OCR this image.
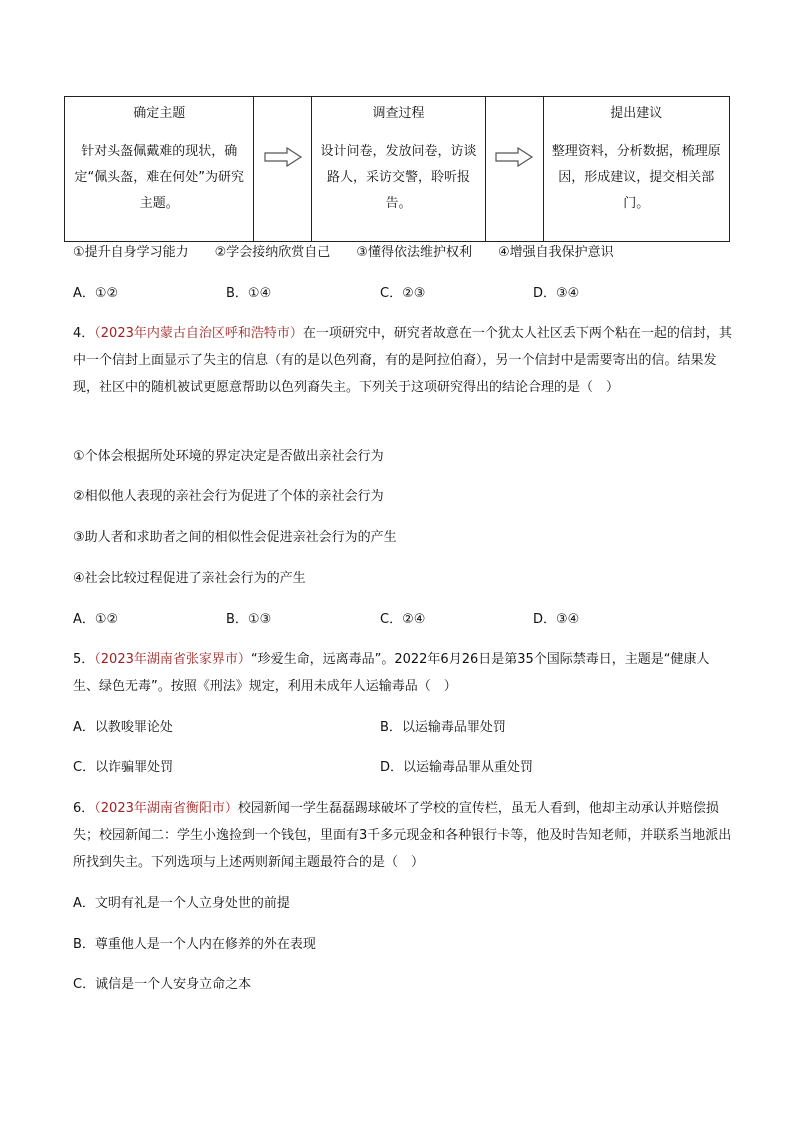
确定主题
针对头盔佩戴难的现状，确定“佩头盔，难在何处”为研究主题。
调查过程
设计问卷，发放问卷，访谈路人，采访交警，聆听报告。
提出建议
整理资料，分析数据，梳理原因，形成建议，提交相关部门。
①提升自身学习能力　　②学会接纳欣赏自己　　③懂得依法维护权利　　④增强自我保护意识
A．①②	B．①④	C．②③	D．③④
4．（2023年内蒙古自治区呼和浩特市）在一项研究中，研究者故意在一个犹太人社区丢下两个粘在一起的信封，其中一个信封上面显示了失主的信息（有的是以色列裔，有的是阿拉伯裔），另一个信封中是需要寄出的信。结果发现，社区中的随机被试更愿意帮助以色列裔失主。下列关于这项研究得出的结论合理的是（　）
①个体会根据所处环境的界定决定是否做出亲社会行为
②相似他人表现的亲社会行为促进了个体的亲社会行为
③助人者和求助者之间的相似性会促进亲社会行为的产生
④社会比较过程促进了亲社会行为的产生
A．①②	B．①③	C．②④	D．③④
5．（2023年湖南省张家界市）“珍爱生命，远离毒品”。2022年6月26日是第35个国际禁毒日，主题是“健康人生、绿色无毒”。按照《刑法》规定，利用未成年人运输毒品（　）
A．以教唆罪论处	B．以运输毒品罪处罚
C．以诈骗罪处罚	D．以运输毒品罪从重处罚
6．（2023年湖南省衡阳市）校园新闻一学生磊磊踢球破坏了学校的宣传栏，虽无人看到，他却主动承认并赔偿损失；校园新闻二：学生小逸捡到一个钱包，里面有3千多元现金和各种银行卡等，他及时告知老师，并联系当地派出所找到失主。下列选项与上述两则新闻主题最符合的是（　）
A．文明有礼是一个人立身处世的前提
B．尊重他人是一个人内在修养的外在表现
C．诚信是一个人安身立命之本
